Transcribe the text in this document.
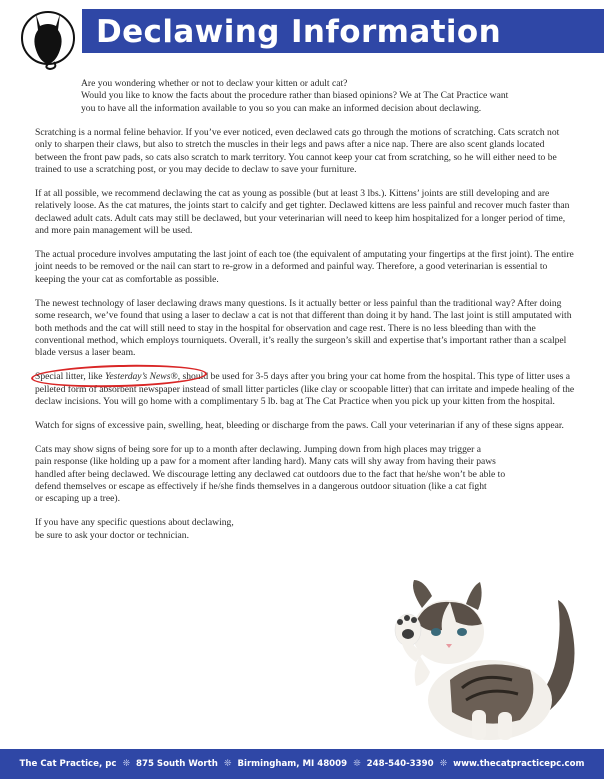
Declawing Information

Are you wondering whether or not to declaw your kitten or adult cat?
Would you like to know the facts about the procedure rather than biased opinions? We at The Cat Practice want
you to have all the information available to you so you can make an informed decision about declawing.

Scratching is a normal feline behavior. If you’ve ever noticed, even declawed cats go through the motions of scratching. Cats scratch not only to sharpen their claws, but also to stretch the muscles in their legs and paws after a nice nap. There are also scent glands located between the front paw pads, so cats also scratch to mark territory. You cannot keep your cat from scratching, so he will either need to be trained to use a scratching post, or you may decide to declaw to save your furniture.

If at all possible, we recommend declawing the cat as young as possible (but at least 3 lbs.). Kittens’ joints are still developing and are relatively loose. As the cat matures, the joints start to calcify and get tighter. Declawed kittens are less painful and recover much faster than declawed adult cats. Adult cats may still be declawed, but your veterinarian will need to keep him hospitalized for a longer period of time, and more pain management will be used.

The actual procedure involves amputating the last joint of each toe (the equivalent of amputating your fingertips at the first joint). The entire joint needs to be removed or the nail can start to re-grow in a deformed and painful way. Therefore, a good veterinarian is essential to keeping the your cat as comfortable as possible.

The newest technology of laser declawing draws many questions. Is it actually better or less painful than the traditional way? After doing some research, we’ve found that using a laser to declaw a cat is not that different than doing it by hand. The last joint is still amputated with both methods and the cat will still need to stay in the hospital for observation and cage rest. There is no less bleeding than with the conventional method, which employs tourniquets. Overall, it’s really the surgeon’s skill and expertise that’s important rather than a scalpel blade versus a laser beam.

Special litter, like Yesterday’s News®, should be used for 3-5 days after you bring your cat home from the hospital. This type of litter uses a pelleted form of absorbent newspaper instead of small litter particles (like clay or scoopable litter) that can irritate and impede healing of the declaw incisions. You will go home with a complimentary 5 lb. bag at The Cat Practice when you pick up your kitten from the hospital.

Watch for signs of excessive pain, swelling, heat, bleeding or discharge from the paws. Call your veterinarian if any of these signs appear.

Cats may show signs of being sore for up to a month after declawing. Jumping down from high places may trigger a
pain response (like holding up a paw for a moment after landing hard). Many cats will shy away from having their paws
handled after being declawed. We discourage letting any declawed cat outdoors due to the fact that he/she won’t be able to
defend themselves or escape as effectively if he/she finds themselves in a dangerous outdoor situation (like a cat fight
or escaping up a tree).

If you have any specific questions about declawing,
be sure to ask your doctor or technician.

The Cat Practice, pc ❊ 875 South Worth ❊ Birmingham, MI 48009 ❊ 248-540-3390 ❊ www.thecatpracticepc.com
